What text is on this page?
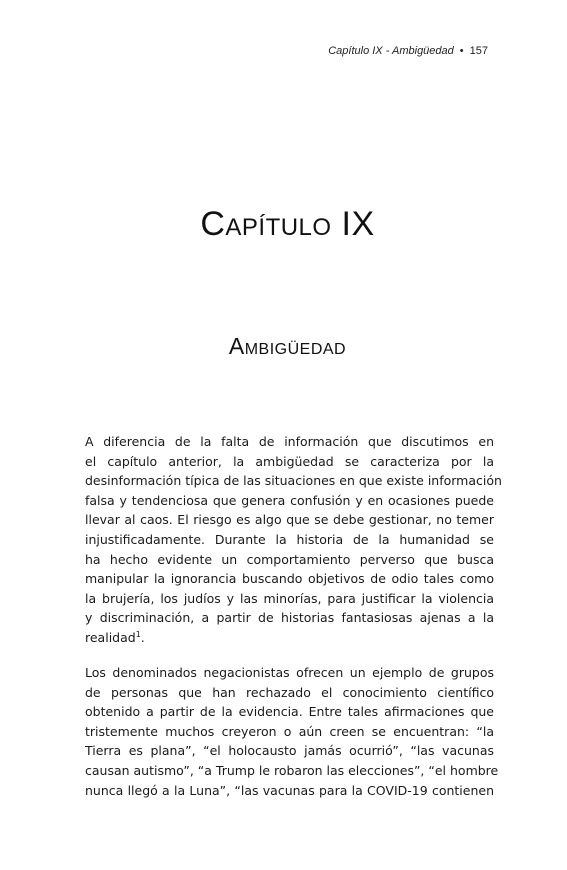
Capítulo IX - Ambigüedad • 157
Capítulo IX
Ambigüedad
A diferencia de la falta de información que discutimos en
el capítulo anterior, la ambigüedad se caracteriza por la
desinformación típica de las situaciones en que existe información
falsa y tendenciosa que genera confusión y en ocasiones puede
llevar al caos. El riesgo es algo que se debe gestionar, no temer
injustificadamente. Durante la historia de la humanidad se
ha hecho evidente un comportamiento perverso que busca
manipular la ignorancia buscando objetivos de odio tales como
la brujería, los judíos y las minorías, para justificar la violencia
y discriminación, a partir de historias fantasiosas ajenas a la
realidad$^1$.
Los denominados negacionistas ofrecen un ejemplo de grupos
de personas que han rechazado el conocimiento científico
obtenido a partir de la evidencia. Entre tales afirmaciones que
tristemente muchos creyeron o aún creen se encuentran: “la
Tierra es plana”, “el holocausto jamás ocurrió”, “las vacunas
causan autismo”, “a Trump le robaron las elecciones”, “el hombre
nunca llegó a la Luna”, “las vacunas para la COVID-19 contienen
